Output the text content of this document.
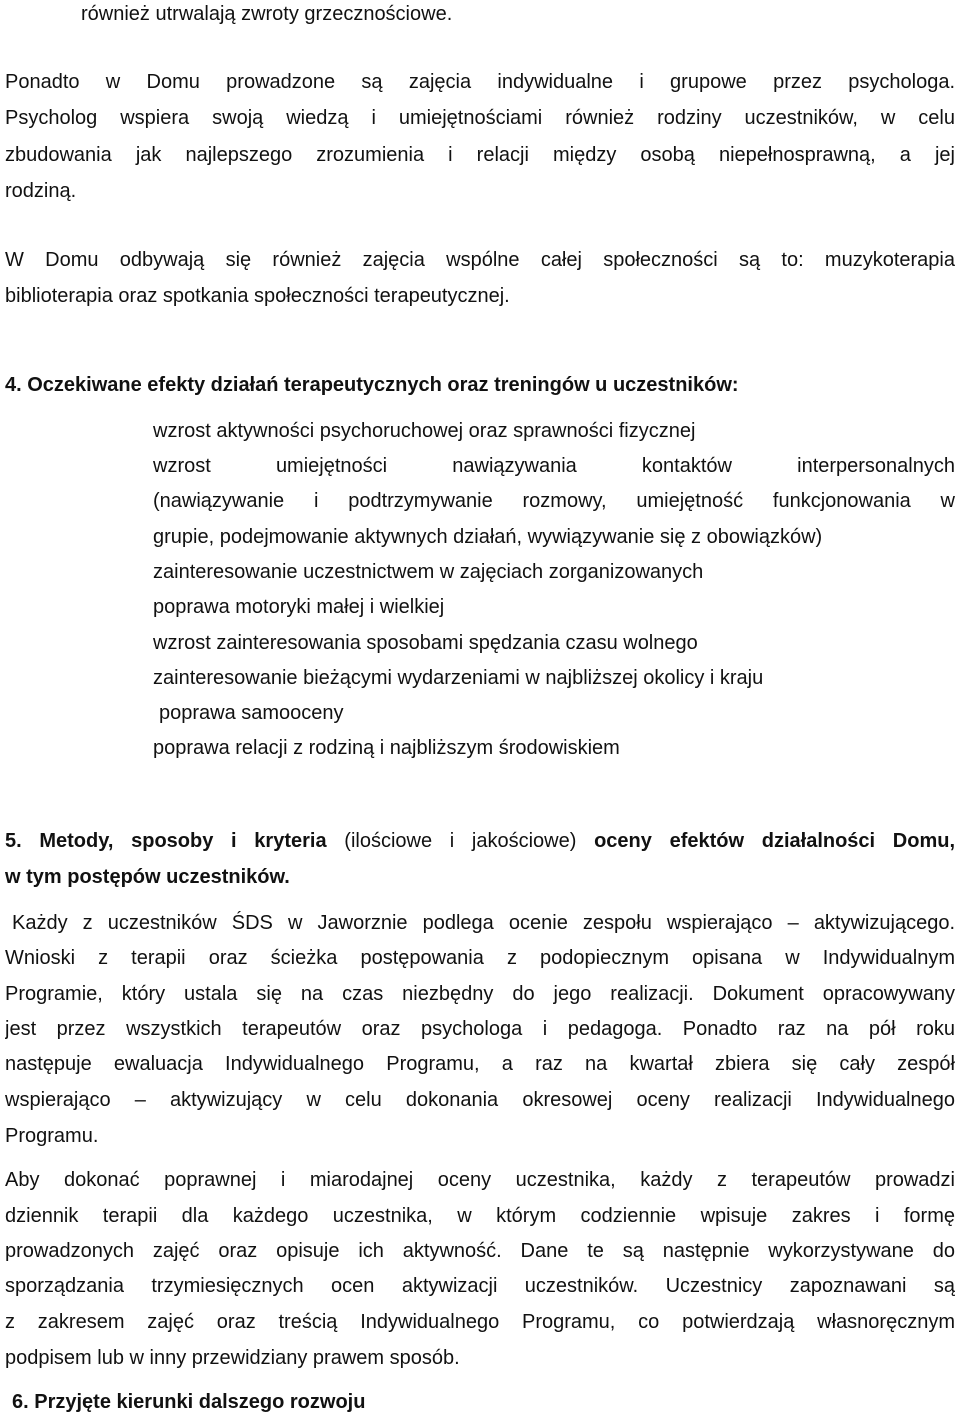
również utrwalają zwroty grzecznościowe.
Ponadto w Domu prowadzone są zajęcia indywidualne i grupowe przez psychologa.
Psycholog wspiera swoją wiedzą i umiejętnościami również rodziny uczestników, w celu
zbudowania jak najlepszego zrozumienia i relacji między osobą niepełnosprawną, a jej
rodziną.
W Domu odbywają się również zajęcia wspólne całej społeczności są to: muzykoterapia
biblioterapia oraz spotkania społeczności terapeutycznej.
4. Oczekiwane efekty działań terapeutycznych oraz treningów u uczestników:
wzrost aktywności psychoruchowej oraz sprawności fizycznej
wzrost umiejętności nawiązywania kontaktów interpersonalnych
(nawiązywanie i podtrzymywanie rozmowy, umiejętność funkcjonowania w
grupie, podejmowanie aktywnych działań, wywiązywanie się z obowiązków)
zainteresowanie uczestnictwem w zajęciach zorganizowanych
poprawa motoryki małej i wielkiej
wzrost zainteresowania sposobami spędzania czasu wolnego
zainteresowanie bieżącymi wydarzeniami w najbliższej okolicy i kraju
poprawa samooceny
poprawa relacji z rodziną i najbliższym środowiskiem
5. Metody, sposoby i kryteria (ilościowe i jakościowe) oceny efektów działalności Domu,
w tym postępów uczestników.
Każdy z uczestników ŚDS w Jaworznie podlega ocenie zespołu wspierająco – aktywizującego.
Wnioski z terapii oraz ścieżka postępowania z podopiecznym opisana w Indywidualnym
Programie, który ustala się na czas niezbędny do jego realizacji. Dokument opracowywany
jest przez wszystkich terapeutów oraz psychologa i pedagoga. Ponadto raz na pół roku
następuje ewaluacja Indywidualnego Programu, a raz na kwartał zbiera się cały zespół
wspierająco – aktywizujący w celu dokonania okresowej oceny realizacji Indywidualnego
Programu.
Aby dokonać poprawnej i miarodajnej oceny uczestnika, każdy z terapeutów prowadzi
dziennik terapii dla każdego uczestnika, w którym codziennie wpisuje zakres i formę
prowadzonych zajęć oraz opisuje ich aktywność. Dane te są następnie wykorzystywane do
sporządzania trzymiesięcznych ocen aktywizacji uczestników. Uczestnicy zapoznawani są
z zakresem zajęć oraz treścią Indywidualnego Programu, co potwierdzają własnoręcznym
podpisem lub w inny przewidziany prawem sposób.
6. Przyjęte kierunki dalszego rozwoju
